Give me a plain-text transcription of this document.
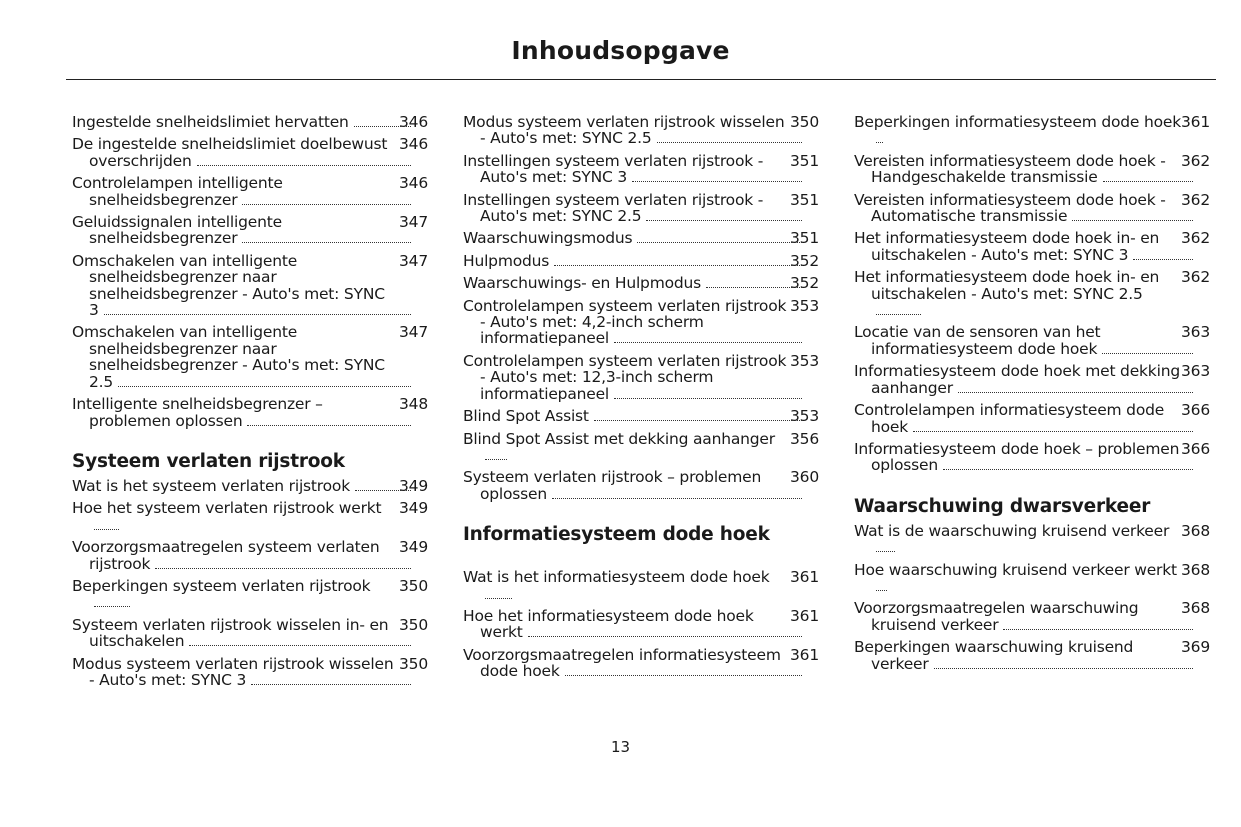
Inhoudsopgave
346
Ingestelde snelheidslimiet hervatten
346
De ingestelde snelheidslimiet doelbewust
overschrijden
346
Controlelampen intelligente
snelheidsbegrenzer
347
Geluidssignalen intelligente
snelheidsbegrenzer
347
Omschakelen van intelligente
snelheidsbegrenzer naar
snelheidsbegrenzer - Auto's met: SYNC
3
347
Omschakelen van intelligente
snelheidsbegrenzer naar
snelheidsbegrenzer - Auto's met: SYNC
2.5
348
Intelligente snelheidsbegrenzer –
problemen oplossen
Systeem verlaten rijstrook
349
Wat is het systeem verlaten rijstrook
349
Hoe het systeem verlaten rijstrook werkt

349
Voorzorgsmaatregelen systeem verlaten
rijstrook
350
Beperkingen systeem verlaten rijstrook

350
Systeem verlaten rijstrook wisselen in- en
uitschakelen
350
Modus systeem verlaten rijstrook wisselen
- Auto's met: SYNC 3
350
Modus systeem verlaten rijstrook wisselen
- Auto's met: SYNC 2.5
351
Instellingen systeem verlaten rijstrook -
Auto's met: SYNC 3
351
Instellingen systeem verlaten rijstrook -
Auto's met: SYNC 2.5
351
Waarschuwingsmodus
352
Hulpmodus
352
Waarschuwings- en Hulpmodus
353
Controlelampen systeem verlaten rijstrook
- Auto's met: 4,2-inch scherm
informatiepaneel
353
Controlelampen systeem verlaten rijstrook
- Auto's met: 12,3-inch scherm
informatiepaneel
353
Blind Spot Assist
356
Blind Spot Assist met dekking aanhanger

360
Systeem verlaten rijstrook – problemen
oplossen
Informatiesysteem dode hoek
361
Wat is het informatiesysteem dode hoek

361
Hoe het informatiesysteem dode hoek
werkt
361
Voorzorgsmaatregelen informatiesysteem
dode hoek
361
Beperkingen informatiesysteem dode hoek

362
Vereisten informatiesysteem dode hoek -
Handgeschakelde transmissie
362
Vereisten informatiesysteem dode hoek -
Automatische transmissie
362
Het informatiesysteem dode hoek in- en
uitschakelen - Auto's met: SYNC 3
362
Het informatiesysteem dode hoek in- en
uitschakelen - Auto's met: SYNC 2.5

363
Locatie van de sensoren van het
informatiesysteem dode hoek
363
Informatiesysteem dode hoek met dekking
aanhanger
366
Controlelampen informatiesysteem dode
hoek
366
Informatiesysteem dode hoek – problemen
oplossen
Waarschuwing dwarsverkeer
368
Wat is de waarschuwing kruisend verkeer

368
Hoe waarschuwing kruisend verkeer werkt

368
Voorzorgsmaatregelen waarschuwing
kruisend verkeer
369
Beperkingen waarschuwing kruisend
verkeer
13
